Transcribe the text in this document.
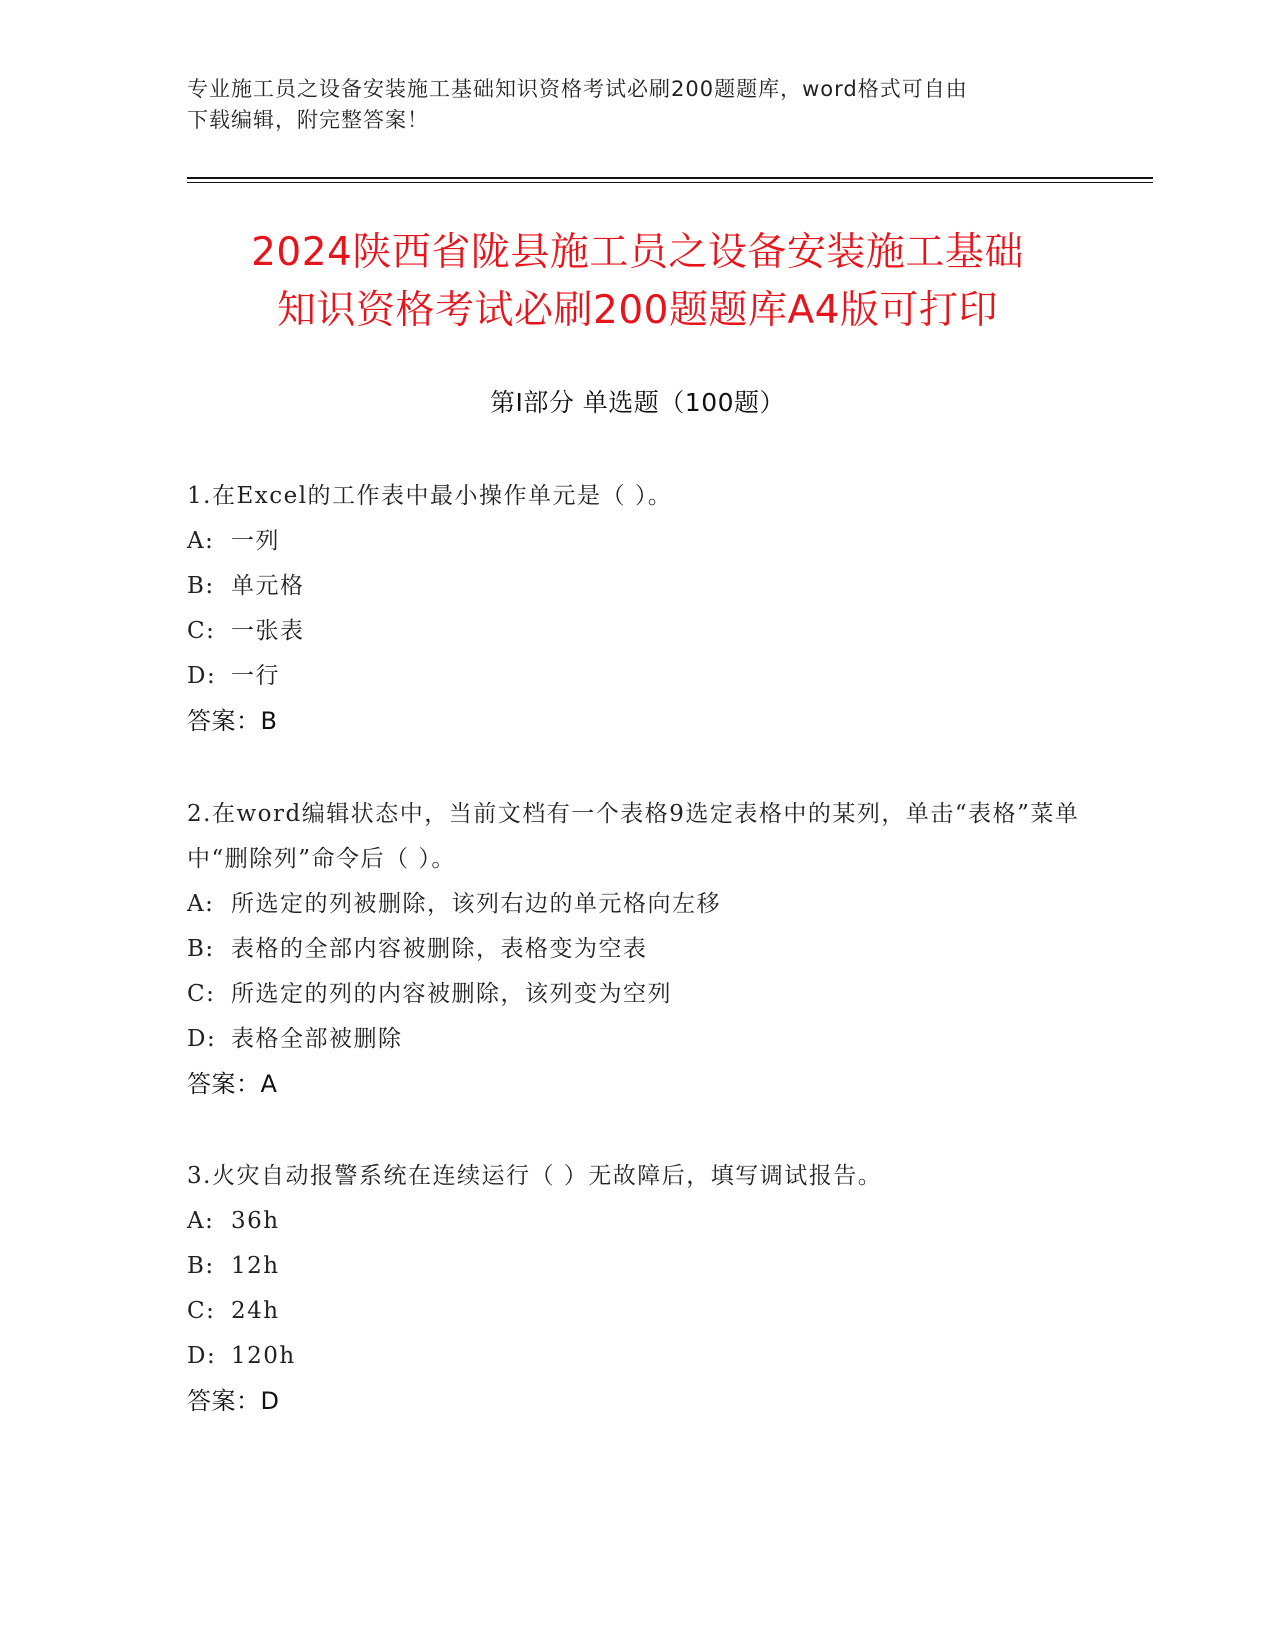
专业施工员之设备安装施工基础知识资格考试必刷200题题库，word格式可自由
下载编辑，附完整答案！
2024陕西省陇县施工员之设备安装施工基础
知识资格考试必刷200题题库A4版可打印
第Ⅰ部分 单选题（100题）
1.在Excel的工作表中最小操作单元是（ ）。
A: 一列
B: 单元格
C: 一张表
D: 一行
答案：B
2.在word编辑状态中，当前文档有一个表格9选定表格中的某列，单击“表格”菜单中“删除列”命令后（ ）。
A: 所选定的列被删除，该列右边的单元格向左移
B: 表格的全部内容被删除，表格变为空表
C: 所选定的列的内容被删除，该列变为空列
D: 表格全部被删除
答案：A
3.火灾自动报警系统在连续运行（ ）无故障后，填写调试报告。
A: 36h
B: 12h
C: 24h
D: 120h
答案：D
